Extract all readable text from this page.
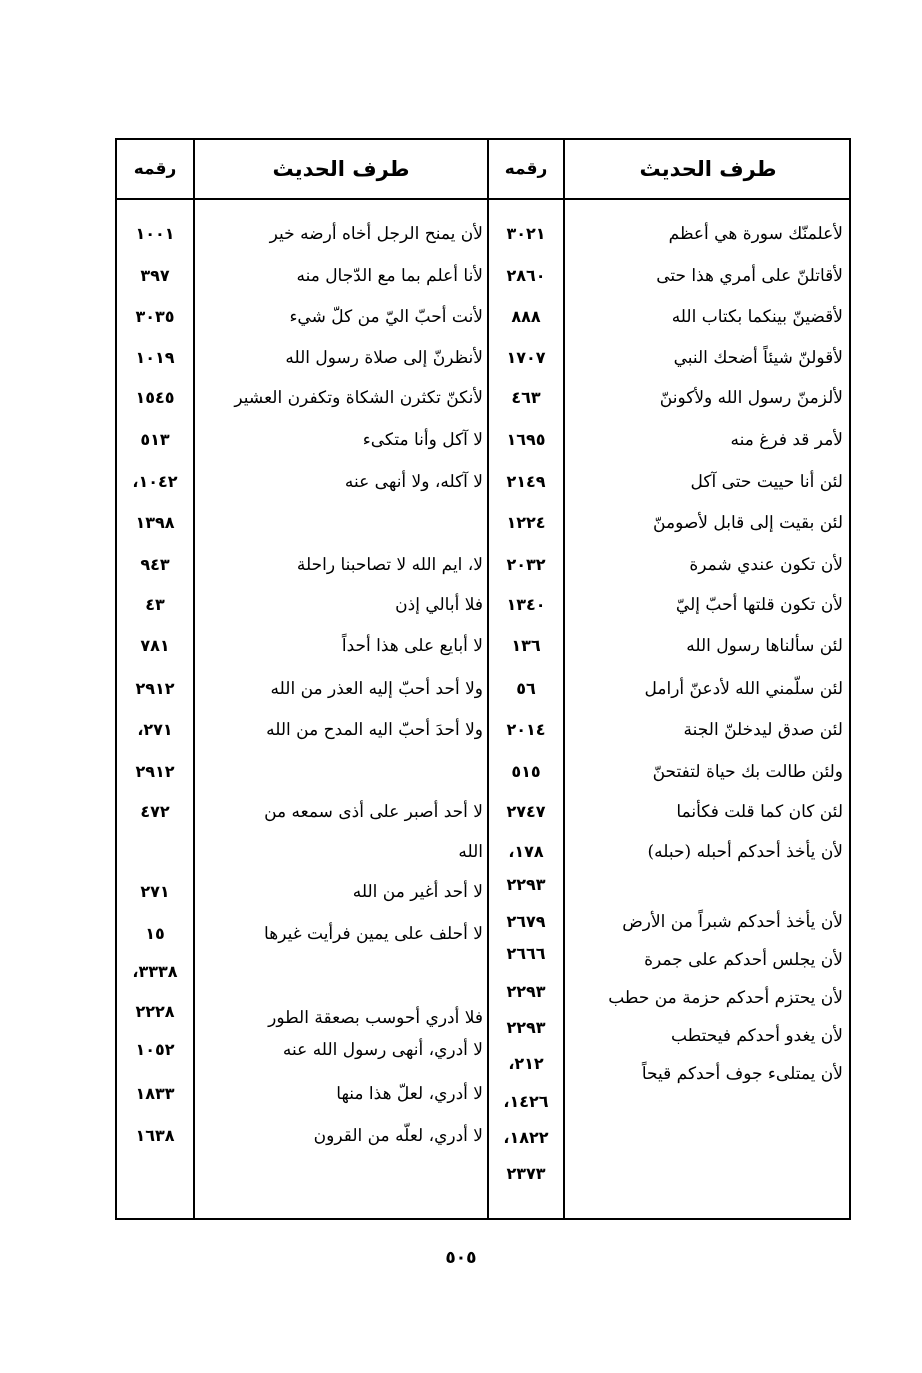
طرف الحديث
رقمه
طرف الحديث
رقمه
لأعلمنّك سورة هي أعظم
لأقاتلنّ على أمري هذا حتى
لأقضينّ بينكما بكتاب الله
لأقولنّ شيئاً أضحك النبي
لألزمنّ رسول الله ولأكوننّ
لأمر قد فرغ منه
لئن أنا حييت حتى آكل
لئن بقيت إلى قابل لأصومنّ
لأن تكون عندي شمرة
لأن تكون قلتها أحبّ إليّ
لئن سألناها رسول الله
لئن سلّمني الله لأدعنّ أرامل
لئن صدق ليدخلنّ الجنة
ولئن طالت بك حياة لتفتحنّ
لئن كان كما قلت فكأنما
لأن يأخذ أحدكم أحبله (حبله)
لأن يأخذ أحدكم شبراً من الأرض
لأن يجلس أحدكم على جمرة
لأن يحتزم أحدكم حزمة من حطب
لأن يغدو أحدكم فيحتطب
لأن يمتلىء جوف أحدكم قيحاً
٣٠٢١
٢٨٦٠
٨٨٨
١٧٠٧
٤٦٣
١٦٩٥
٢١٤٩
١٢٢٤
٢٠٣٢
١٣٤٠
١٣٦
٥٦
٢٠١٤
٥١٥
٢٧٤٧
١٧٨،
٢٢٩٣
٢٦٧٩
٢٦٦٦
٢٢٩٣
٢٢٩٣
٢١٢،
١٤٢٦،
١٨٢٢،
٢٣٧٣
لأن يمنح الرجل أخاه أرضه خير
لأنا أعلم بما مع الدّجال منه
لأنت أحبّ اليّ من كلّ شيء
لأنظرنّ إلى صلاة رسول الله
لأنكنّ تكثرن الشكاة وتكفرن العشير
لا آكل وأنا متكىء
لا آكله، ولا أنهى عنه
لا، ايم الله لا تصاحبنا راحلة
فلا أبالي إذن
لا أبايع على هذا أحداً
ولا أحد أحبّ إليه العذر من الله
ولا أحدَ أحبّ اليه المدح من الله
لا أحد أصبر على أذى سمعه من
الله
لا أحد أغير من الله
لا أحلف على يمين فرأيت غيرها
فلا أدري أحوسب بصعقة الطور
لا أدري، أنهى رسول الله عنه
لا أدري، لعلّ هذا منها
لا أدري، لعلّه من القرون
١٠٠١
٣٩٧
٣٠٣٥
١٠١٩
١٥٤٥
٥١٣
١٠٤٢،
١٣٩٨
٩٤٣
٤٣
٧٨١
٢٩١٢
٢٧١،
٢٩١٢
٤٧٢
٢٧١
١٥
٣٣٣٨،
٢٢٢٨
١٠٥٢
١٨٣٣
١٦٣٨
٥٠٥
